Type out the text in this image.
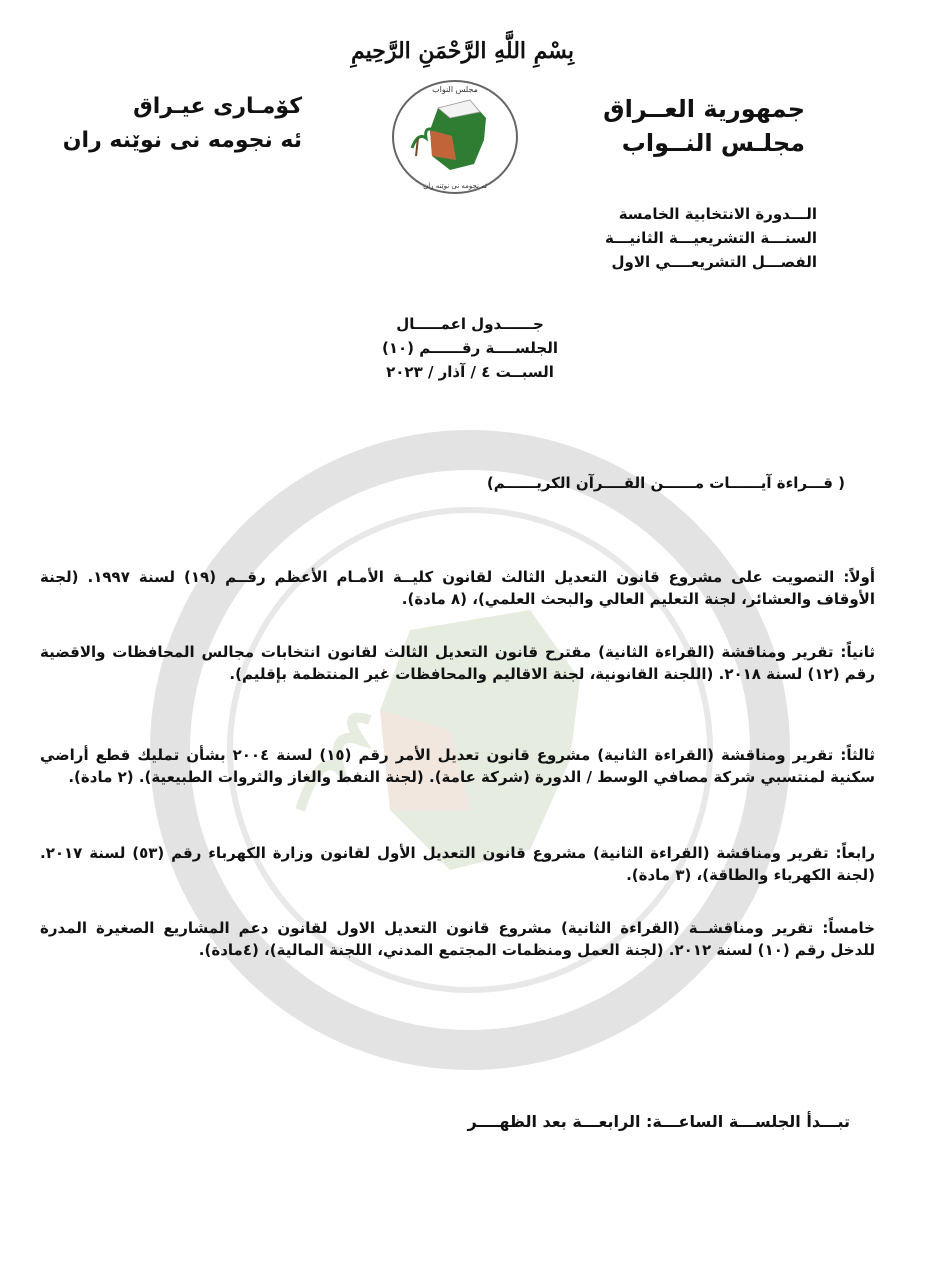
بِسْمِ اللَّهِ الرَّحْمَنِ الرَّحِيمِ
جمهورية العــراق
مجلـس النــواب
كۆمـاری عیـراق
ئه نجومه نی نوێنه ران
مجلس النواب
ئه نجومه نی نوێنه ران
الـــدورة الانتخابية الخامسة
السنـــة التشريعيـــة الثانيـــة
الفصـــل التشريعــــي الاول
جــــــدول اعمـــــال
الجلســــة رقــــــم (١٠)
السبــت ٤ / آذار / ٢٠٢٣
( قـــراءة آيــــــات مــــــن القــــرآن الكريــــــم)
أولاً: التصويت على مشروع قانون التعديل الثالث لقانون كليــة الأمـام الأعظم رقــم (١٩) لسنة ١٩٩٧. (لجنة الأوقاف والعشائر، لجنة التعليم العالي والبحث العلمي)، (٨ مادة).
ثانياً: تقرير ومناقشة (القراءة الثانية) مقترح قانون التعديل الثالث لقانون انتخابات مجالس المحافظات والاقضية رقم (١٢) لسنة ٢٠١٨. (اللجنة القانونية، لجنة الاقاليم والمحافظات غير المنتظمة بإقليم).
ثالثاً: تقرير ومناقشة (القراءة الثانية) مشروع قانون تعديل الأمر رقم (١٥) لسنة ٢٠٠٤ بشأن تمليك قطع أراضي سكنية لمنتسبي شركة مصافي الوسط / الدورة (شركة عامة). (لجنة النفط والغاز والثروات الطبيعية). (٢ مادة).
رابعاً: تقرير ومناقشة (القراءة الثانية) مشروع قانون التعديل الأول لقانون وزارة الكهرباء رقم (٥٣) لسنة ٢٠١٧. (لجنة الكهرباء والطاقة)، (٣ مادة).
خامساً: تقرير ومناقشــة (القراءة الثانية) مشروع قانون التعديل الاول لقانون دعم المشاريع الصغيرة المدرة للدخل رقم (١٠) لسنة ٢٠١٢. (لجنة العمل ومنظمات المجتمع المدني، اللجنة المالية)، (٤مادة).
تبـــدأ الجلســـة الساعـــة: الرابعـــة بعد الظهــــر
